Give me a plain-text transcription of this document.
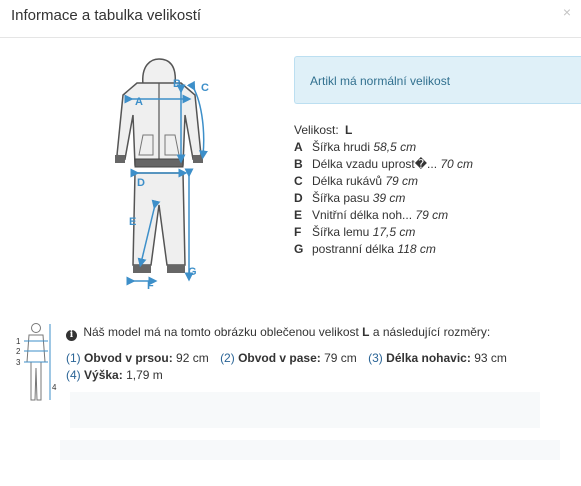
Informace a tabulka velikostí	×
A
B C
D
E
F
G
Artikl má normální velikost
Velikost: L
A Šířka hrudi 58,5 cm
B Délka vzadu uprost�... 70 cm
C Délka rukávů 79 cm
D Šířka pasu 39 cm
E Vnitřní délka noh... 79 cm
F Šířka lemu 17,5 cm
G postranní délka 118 cm
1
2
3
4
i Náš model má na tomto obrázku oblečenou velikost L a následující rozměry:
(1) Obvod v prsou: 92 cm (2) Obvod v pase: 79 cm (3) Délka nohavic: 93 cm
(4) Výška: 1,79 m
